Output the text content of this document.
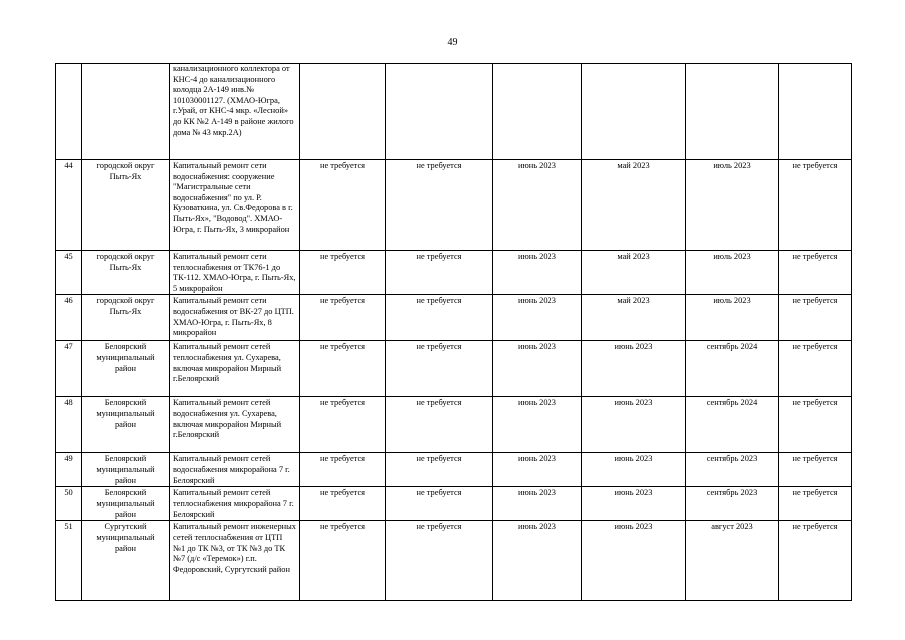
49
		канализационного коллектора от КНС-4 до канализационного колодца 2А-149 инв.№ 101030001127. (ХМАО-Югра, г.Урай, от КНС-4 мкр. «Лесной» до КК №2 А-149 в районе жилого дома № 43 мкр.2А)						
44	городской округ Пыть-Ях	Капитальный ремонт сети водоснабжения: сооружение "Магистральные сети водоснабжения" по ул. Р. Кузоваткина, ул. Св.Федорова в г. Пыть-Ях», "Водовод". ХМАО-Югра, г. Пыть-Ях, 3 микрорайон	не требуется	не требуется	июнь 2023	май 2023	июль 2023	не требуется
45	городской округ Пыть-Ях	Капитальный ремонт сети теплоснабжения от ТК76-1 до ТК-112. ХМАО-Югра, г. Пыть-Ях, 5 микрорайон	не требуется	не требуется	июнь 2023	май 2023	июль 2023	не требуется
46	городской округ Пыть-Ях	Капитальный ремонт сети водоснабжения от ВК-27 до ЦТП. ХМАО-Югра, г. Пыть-Ях, 8 микрорайон	не требуется	не требуется	июнь 2023	май 2023	июль 2023	не требуется
47	Белоярский муниципальный район	Капитальный ремонт сетей теплоснабжения ул. Сухарева, включая микрорайон Мирный г.Белоярский	не требуется	не требуется	июнь 2023	июнь 2023	сентябрь 2024	не требуется
48	Белоярский муниципальный район	Капитальный ремонт сетей водоснабжения ул. Сухарева, включая микрорайон Мирный г.Белоярский	не требуется	не требуется	июнь 2023	июнь 2023	сентябрь 2024	не требуется
49	Белоярский муниципальный район	Капитальный ремонт сетей водоснабжения микрорайона 7 г. Белоярский	не требуется	не требуется	июнь 2023	июнь 2023	сентябрь 2023	не требуется
50	Белоярский муниципальный район	Капитальный ремонт сетей теплоснабжения микрорайона 7 г. Белоярский	не требуется	не требуется	июнь 2023	июнь 2023	сентябрь 2023	не требуется
51	Сургутский муниципальный район	Капитальный ремонт инженерных сетей теплоснабжения от ЦТП №1 до ТК №3, от ТК №3 до ТК №7 (д/с «Теремок») г.п. Федоровский, Сургутский район	не требуется	не требуется	июнь 2023	июнь 2023	август 2023	не требуется
